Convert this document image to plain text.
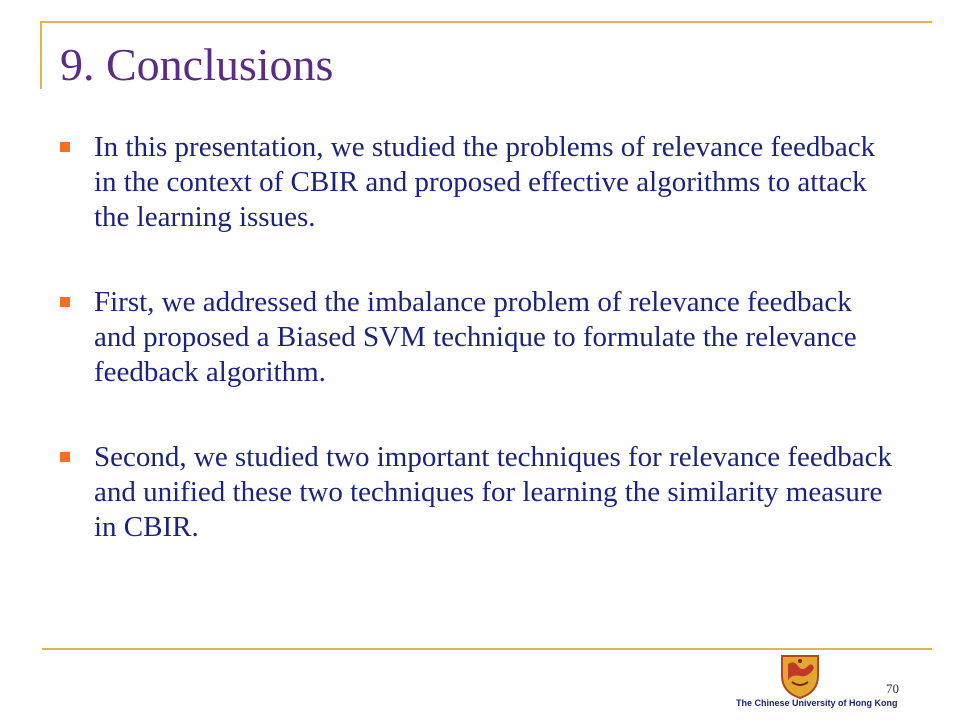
9. Conclusions
In this presentation, we studied the problems of relevance feedback in the context of CBIR and proposed effective algorithms to attack the learning issues.
First, we addressed the imbalance problem of relevance feedback and proposed a Biased SVM technique to formulate the relevance feedback algorithm.
Second, we studied two important techniques for relevance feedback and unified these two techniques for learning the similarity measure in CBIR.
The Chinese University of Hong Kong
70
